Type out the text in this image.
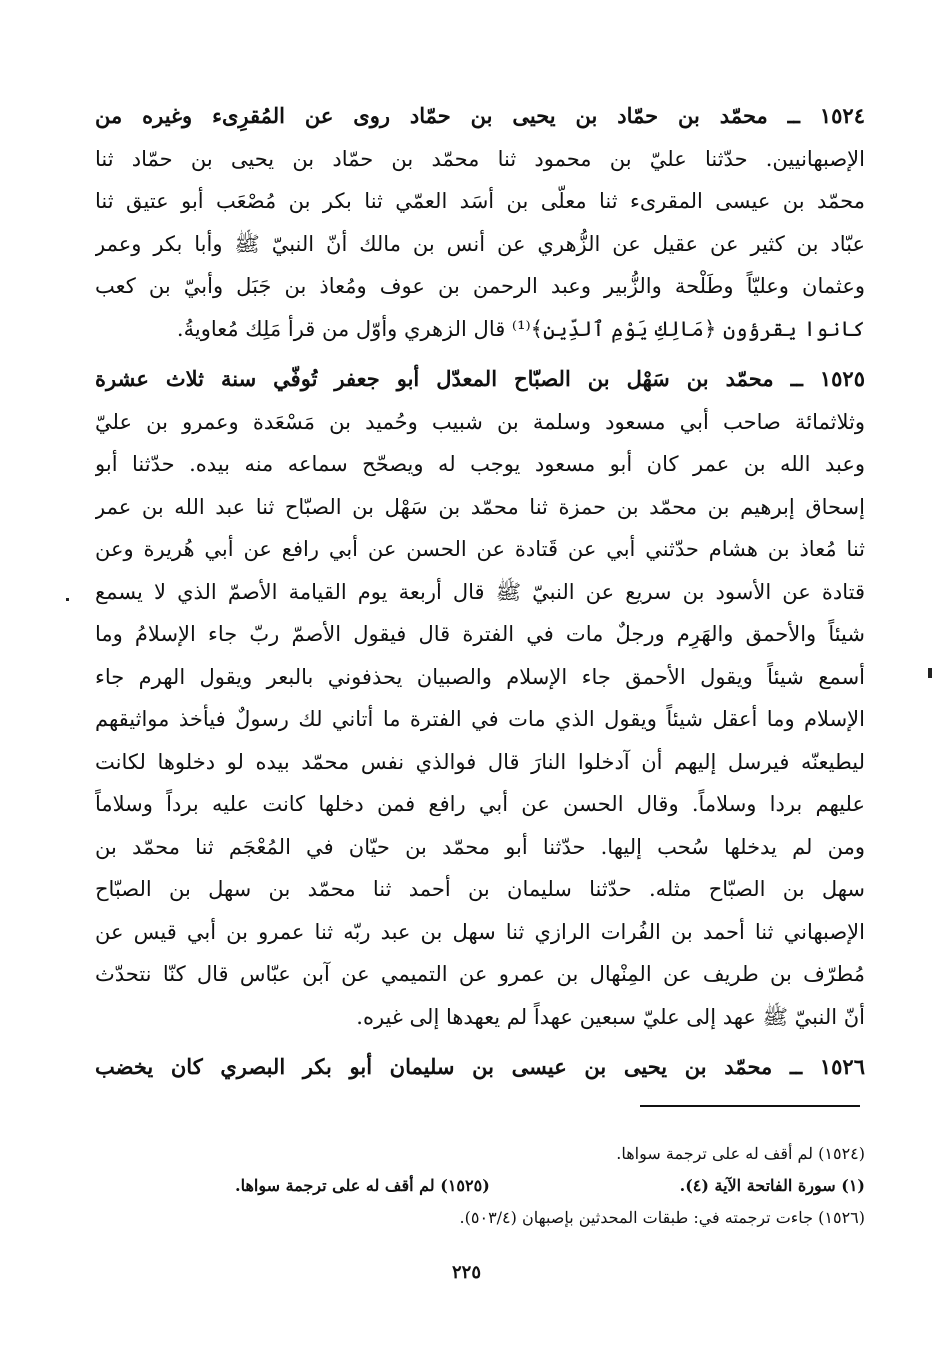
١٥٢٤ ــ محمّد بن حمّاد بن يحيى بن حمّاد روى عن المُقرِىء وغيره من
الإصبهانيين. حدّثنا عليّ بن محمود ثنا محمّد بن حمّاد بن يحيى بن حمّاد ثنا
محمّد بن عيسى المقرىء ثنا معلّى بن أسَد العمّي ثنا بكر بن مُصْعَب أبو عتيق ثنا
عبّاد بن كثير عن عقيل عن الزُّهري عن أنس بن مالك أنّ النبيّ ﷺ وأبا بكر وعمر
وعثمان وعليّاً وطَلْحة والزُّبير وعبد الرحمن بن عوف ومُعاذ بن جَبَل وأبيّ بن كعب
كانوا يقرؤون ﴿مَالِكِ يَوْمِ ٱلدِّينِ﴾⁽¹⁾ قال الزهري وأوّل من قرأ مَلِك مُعاويةُ.

١٥٢٥ ــ محمّد بن سَهْل بن الصبّاح المعدّل أبو جعفر تُوفّي سنة ثلاث عشرة
وثلاثمائة صاحب أبي مسعود وسلمة بن شبيب وحُميد بن مَسْعَدة وعمرو بن عليّ
وعبد الله بن عمر كان أبو مسعود يوجب له ويصحّح سماعه منه بيده. حدّثنا أبو
إسحاق إبرهيم بن محمّد بن حمزة ثنا محمّد بن سَهْل بن الصبّاح ثنا عبد الله بن عمر
ثنا مُعاذ بن هشام حدّثني أبي عن قَتادة عن الحسن عن أبي رافع عن أبي هُريرة وعن
قتادة عن الأسود بن سريع عن النبيّ ﷺ قال أربعة يوم القيامة الأصمّ الذي لا يسمع
شيئاً والأحمق والهَرِم ورجلٌ مات في الفترة قال فيقول الأصمّ ربّ جاء الإسلامُ وما
أسمع شيئاً ويقول الأحمق جاء الإسلام والصبيان يحذفوني بالبعر ويقول الهرم جاء
الإسلام وما أعقل شيئاً ويقول الذي مات في الفترة ما أتاني لك رسولٌ فيأخذ مواثيقهم
ليطيعنّه فيرسل إليهم أن آدخلوا النارَ قال فوالذي نفس محمّد بيده لو دخلوها لكانت
عليهم بردا وسلاماً. وقال الحسن عن أبي رافع فمن دخلها كانت عليه برداً وسلاماً
ومن لم يدخلها سُحب إليها. حدّثنا أبو محمّد بن حيّان في المُعْجَم ثنا محمّد بن
سهل بن الصبّاح مثله. حدّثنا سليمان بن أحمد ثنا محمّد بن سهل بن الصبّاح
الإصبهاني ثنا أحمد بن الفُرات الرازي ثنا سهل بن عبد ربّه ثنا عمرو بن أبي قيس عن
مُطرّف بن طريف عن المِنْهال بن عمرو عن التميمي عن آبن عبّاس قال كنّا نتحدّث
أنّ النبيّ ﷺ عهد إلى عليّ سبعين عهداً لم يعهدها إلى غيره.

١٥٢٦ ــ محمّد بن يحيى بن عيسى بن سليمان أبو بكر البصري كان يخضب

(١٥٢٤) لم أقف له على ترجمة سواها.
(١) سورة الفاتحة الآية (٤).
(١٥٢٥) لم أقف له على ترجمة سواها.
(١٥٢٦) جاءت ترجمته في: طبقات المحدثين بإصبهان (٥٠٣/٤).
٢٢٥
